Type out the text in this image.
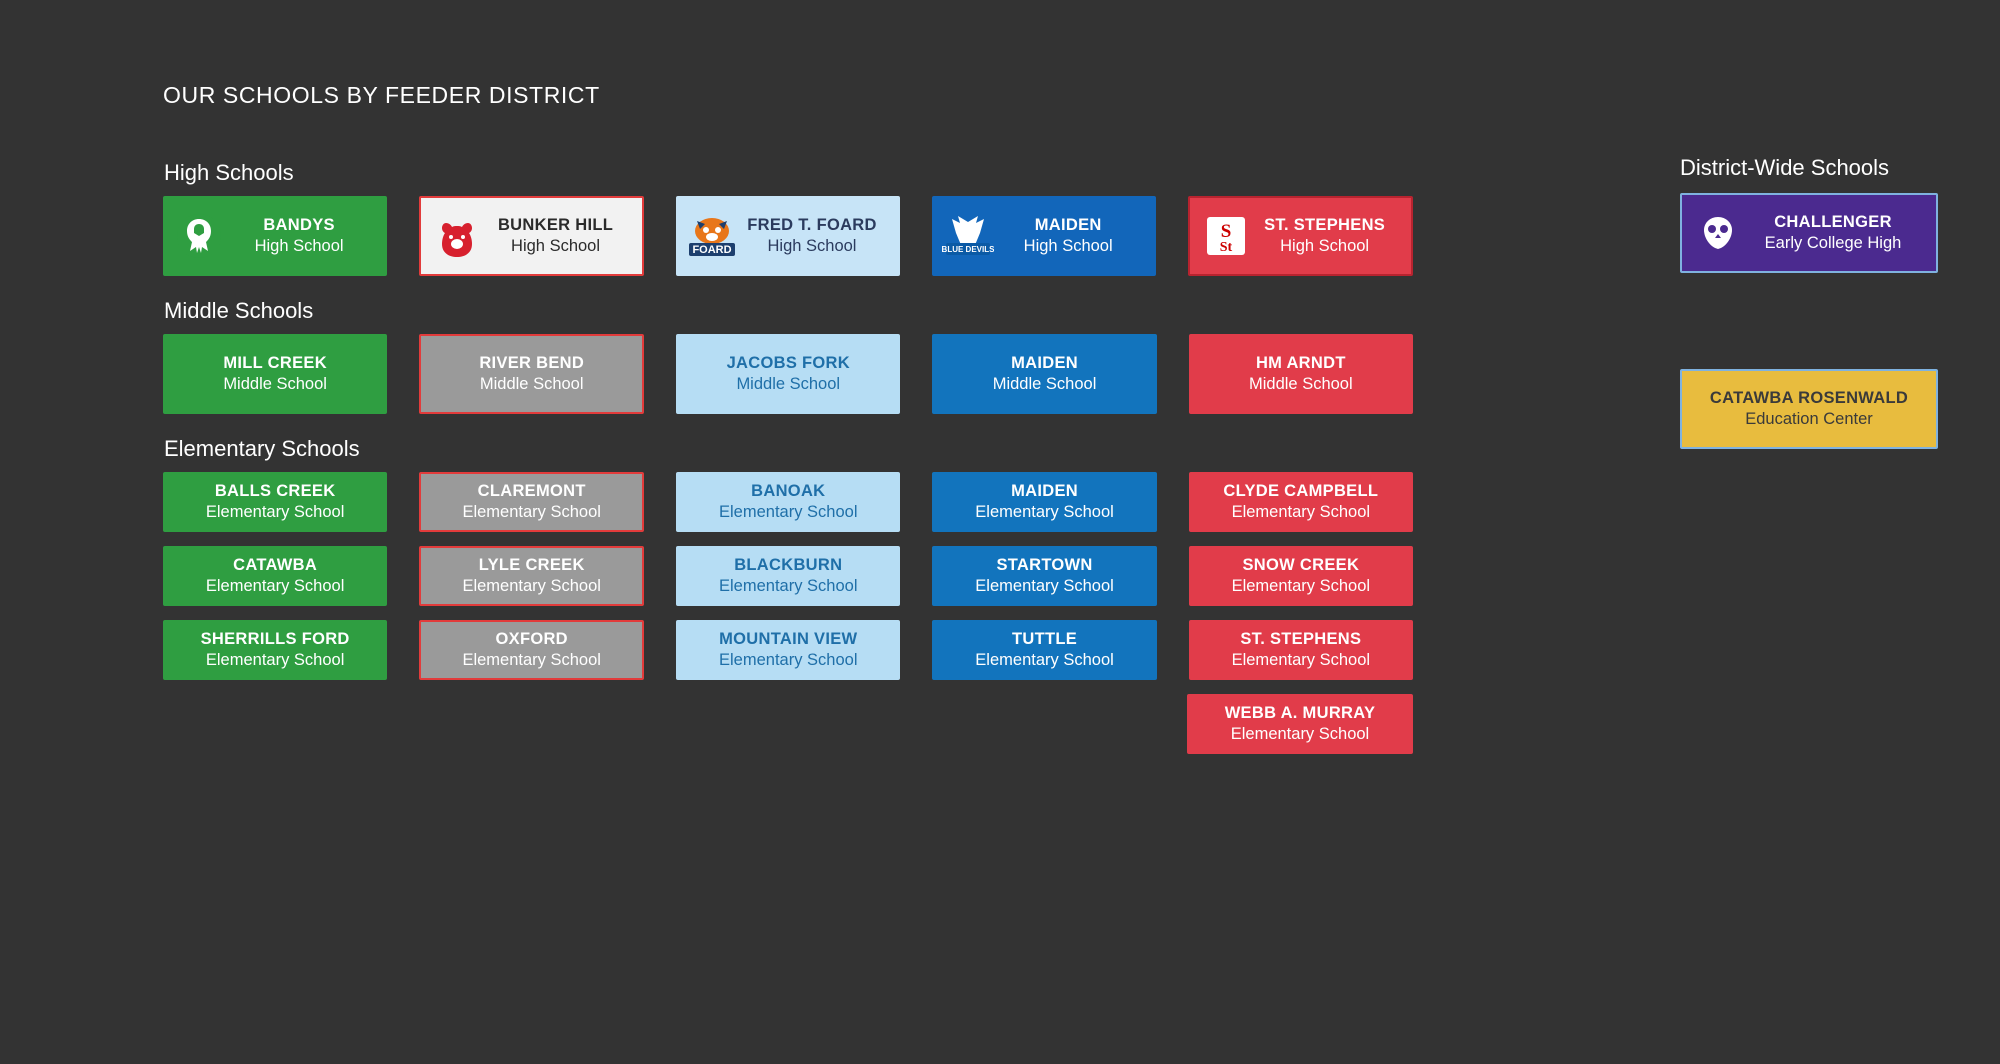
OUR SCHOOLS BY FEEDER DISTRICT
High Schools
BANDYS
High School
BUNKER HILL
High School	FOARD
FRED T. FOARD
High School	BLUE DEVILS
MAIDEN
High School
S
St
ST. STEPHENS
High School
Middle Schools
MILL CREEK
Middle School
RIVER BEND
Middle School
JACOBS FORK
Middle School
MAIDEN
Middle School
HM ARNDT
Middle School
Elementary Schools
BALLS CREEK
Elementary School
CLAREMONT
Elementary School
BANOAK
Elementary School
MAIDEN
Elementary School
CLYDE CAMPBELL
Elementary School
CATAWBA
Elementary School
LYLE CREEK
Elementary School
BLACKBURN
Elementary School
STARTOWN
Elementary School
SNOW CREEK
Elementary School
SHERRILLS FORD
Elementary School
OXFORD
Elementary School
MOUNTAIN VIEW
Elementary School
TUTTLE
Elementary School
ST. STEPHENS
Elementary School
WEBB A. MURRAY
Elementary School
District-Wide Schools
CHALLENGER
Early College High
CATAWBA ROSENWALD
Education Center
